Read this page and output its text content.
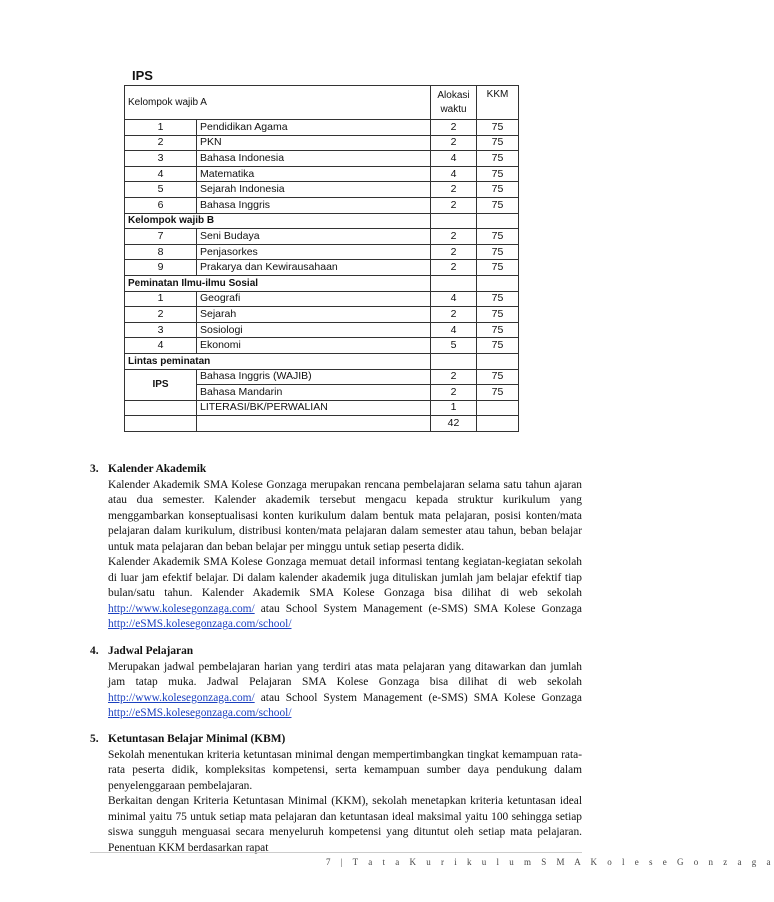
IPS
Kelompok wajib A		Alokasi waktu	KKM
1	Pendidikan Agama	2	75
2	PKN	2	75
3	Bahasa Indonesia	4	75
4	Matematika	4	75
5	Sejarah Indonesia	2	75
6	Bahasa Inggris	2	75
Kelompok wajib B			
7	Seni Budaya	2	75
8	Penjasorkes	2	75
9	Prakarya dan Kewirausahaan	2	75
Peminatan Ilmu-ilmu Sosial			
1	Geografi	4	75
2	Sejarah	2	75
3	Sosiologi	4	75
4	Ekonomi	5	75
Lintas peminatan			
IPS	Bahasa Inggris (WAJIB)	2	75
	Bahasa Mandarin	2	75
	LITERASI/BK/PERWALIAN	1	
		42	
3. Kalender Akademik

Kalender Akademik SMA Kolese Gonzaga merupakan rencana pembelajaran selama satu tahun ajaran atau dua semester. Kalender akademik tersebut mengacu kepada struktur kurikulum yang menggambarkan konseptualisasi konten kurikulum dalam bentuk mata pelajaran, posisi konten/mata pelajaran dalam kurikulum, distribusi konten/mata pelajaran dalam semester atau tahun, beban belajar untuk mata pelajaran dan beban belajar per minggu untuk setiap peserta didik.

Kalender Akademik SMA Kolese Gonzaga memuat detail informasi tentang kegiatan-kegiatan sekolah di luar jam efektif belajar. Di dalam kalender akademik juga dituliskan jumlah jam belajar efektif tiap bulan/satu tahun. Kalender Akademik SMA Kolese Gonzaga bisa dilihat di web sekolah http://www.kolesegonzaga.com/ atau School System Management (e-SMS) SMA Kolese Gonzaga http://eSMS.kolesegonzaga.com/school/

4. Jadwal Pelajaran

Merupakan jadwal pembelajaran harian yang terdiri atas mata pelajaran yang ditawarkan dan jumlah jam tatap muka. Jadwal Pelajaran SMA Kolese Gonzaga bisa dilihat di web sekolah http://www.kolesegonzaga.com/ atau School System Management (e-SMS) SMA Kolese Gonzaga http://eSMS.kolesegonzaga.com/school/

5. Ketuntasan Belajar Minimal (KBM)

Sekolah menentukan kriteria ketuntasan minimal dengan mempertimbangkan tingkat kemampuan rata-rata peserta didik, kompleksitas kompetensi, serta kemampuan sumber daya pendukung dalam penyelenggaraan pembelajaran.

Berkaitan dengan Kriteria Ketuntasan Minimal (KKM), sekolah menetapkan kriteria ketuntasan ideal minimal yaitu 75 untuk setiap mata pelajaran dan ketuntasan ideal maksimal yaitu 100 sehingga setiap siswa sungguh menguasai secara menyeluruh kompetensi yang dituntut oleh setiap mata pelajaran. Penentuan KKM berdasarkan rapat

7 | T a t a K u r i k u l u m S M A K o l e s e G o n z a g a
